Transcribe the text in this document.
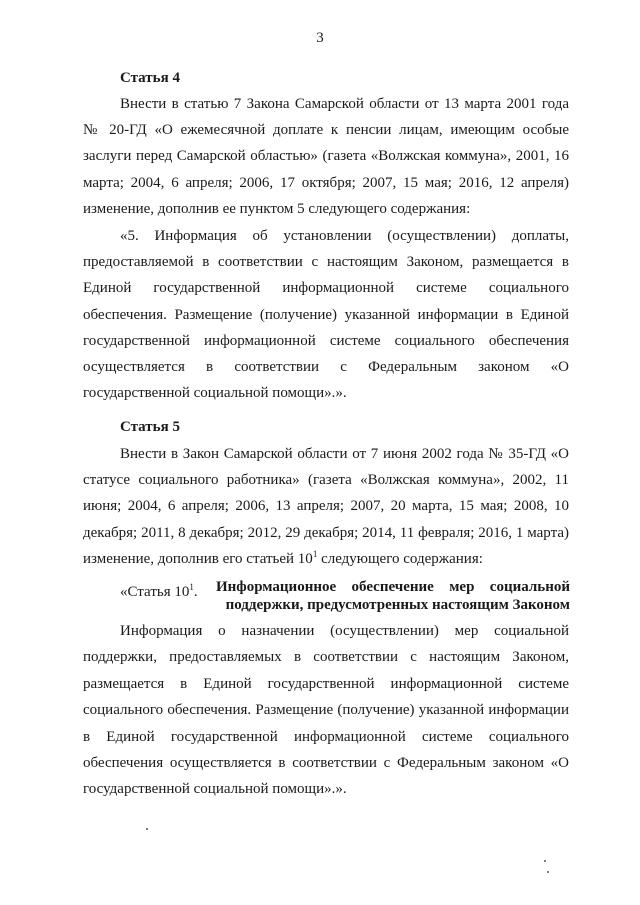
3
Статья 4

Внести в статью 7 Закона Самарской области от 13 марта 2001 года № 20-ГД «О ежемесячной доплате к пенсии лицам, имеющим особые заслуги перед Самарской областью» (газета «Волжская коммуна», 2001, 16 марта; 2004, 6 апреля; 2006, 17 октября; 2007, 15 мая; 2016, 12 апреля) изменение, дополнив ее пунктом 5 следующего содержания:

«5. Информация об установлении (осуществлении) доплаты, предоставляемой в соответствии с настоящим Законом, размещается в Единой государственной информационной системе социального обеспечения. Размещение (получение) указанной информации в Единой государственной информационной системе социального обеспечения осуществляется в соответствии с Федеральным законом «О государственной социальной помощи».».

Статья 5

Внести в Закон Самарской области от 7 июня 2002 года № 35-ГД «О статусе социального работника» (газета «Волжская коммуна», 2002, 11 июня; 2004, 6 апреля; 2006, 13 апреля; 2007, 20 марта, 15 мая; 2008, 10 декабря; 2011, 8 декабря; 2012, 29 декабря; 2014, 11 февраля; 2016, 1 марта) изменение, дополнив его статьей $10^1$ следующего содержания:

«Статья $10^1$. Информационное обеспечение мер социальной поддержки, предусмотренных настоящим Законом

Информация о назначении (осуществлении) мер социальной поддержки, предоставляемых в соответствии с настоящим Законом, размещается в Единой государственной информационной системе социального обеспечения. Размещение (получение) указанной информации в Единой государственной информационной системе социального обеспечения осуществляется в соответствии с Федеральным законом «О государственной социальной помощи».».
